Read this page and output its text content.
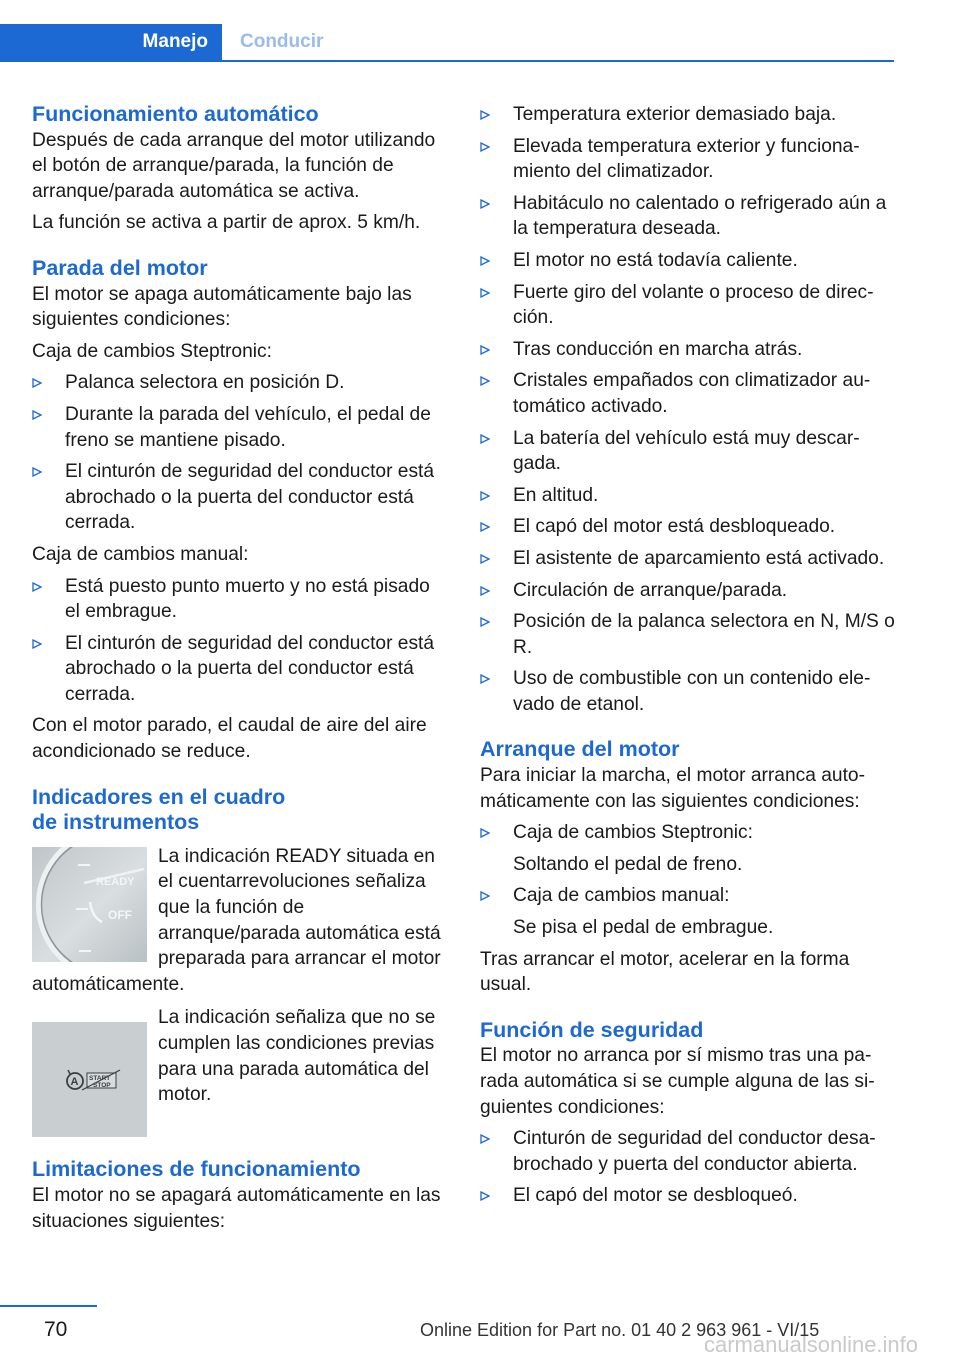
Manejo Conducir
Funcionamiento automático

Después de cada arranque del motor utilizando el botón de arranque/parada, la función de arranque/parada automática se activa.

La función se activa a partir de aprox. 5 km/h.

Parada del motor

El motor se apaga automáticamente bajo las siguientes condiciones:

Caja de cambios Steptronic:

Palanca selectora en posición D.
Durante la parada del vehículo, el pedal de freno se mantiene pisado.
El cinturón de seguridad del conductor está abrochado o la puerta del conductor está cerrada.

Caja de cambios manual:

Está puesto punto muerto y no está pisado el embrague.
El cinturón de seguridad del conductor está abrochado o la puerta del conductor está cerrada.

Con el motor parado, el caudal de aire del aire acondicionado se reduce.

Indicadores en el cuadro de instrumentos
READY
OFF
La indicación READY situada en el cuentarrevoluciones señaliza que la función de arranque/parada automática está preparada para arrancar el motor automáticamente.
A START
STOP
La indicación señaliza que no se cumplen las condiciones previas para una parada automática del motor.
Limitaciones de funcionamiento

El motor no se apagará automáticamente en las situaciones siguientes:

Temperatura exterior demasiado baja.
Elevada temperatura exterior y funcionamiento del climatizador.
Habitáculo no calentado o refrigerado aún a la temperatura deseada.
El motor no está todavía caliente.
Fuerte giro del volante o proceso de dirección.
Tras conducción en marcha atrás.
Cristales empañados con climatizador automático activado.
La batería del vehículo está muy descargada.
En altitud.
El capó del motor está desbloqueado.
El asistente de aparcamiento está activado.
Circulación de arranque/parada.
Posición de la palanca selectora en N, M/S o R.
Uso de combustible con un contenido elevado de etanol.
Arranque del motor

Para iniciar la marcha, el motor arranca automáticamente con las siguientes condiciones:

Caja de cambios Steptronic:
Soltando el pedal de freno.
Caja de cambios manual:
Se pisa el pedal de embrague.

Tras arrancar el motor, acelerar en la forma usual.

Función de seguridad

El motor no arranca por sí mismo tras una parada automática si se cumple alguna de las siguientes condiciones:

Cinturón de seguridad del conductor desabrochado y puerta del conductor abierta.
El capó del motor se desbloqueó.
70	Online Edition for Part no. 01 40 2 963 961 - VI/15
carmanualsonline.info
